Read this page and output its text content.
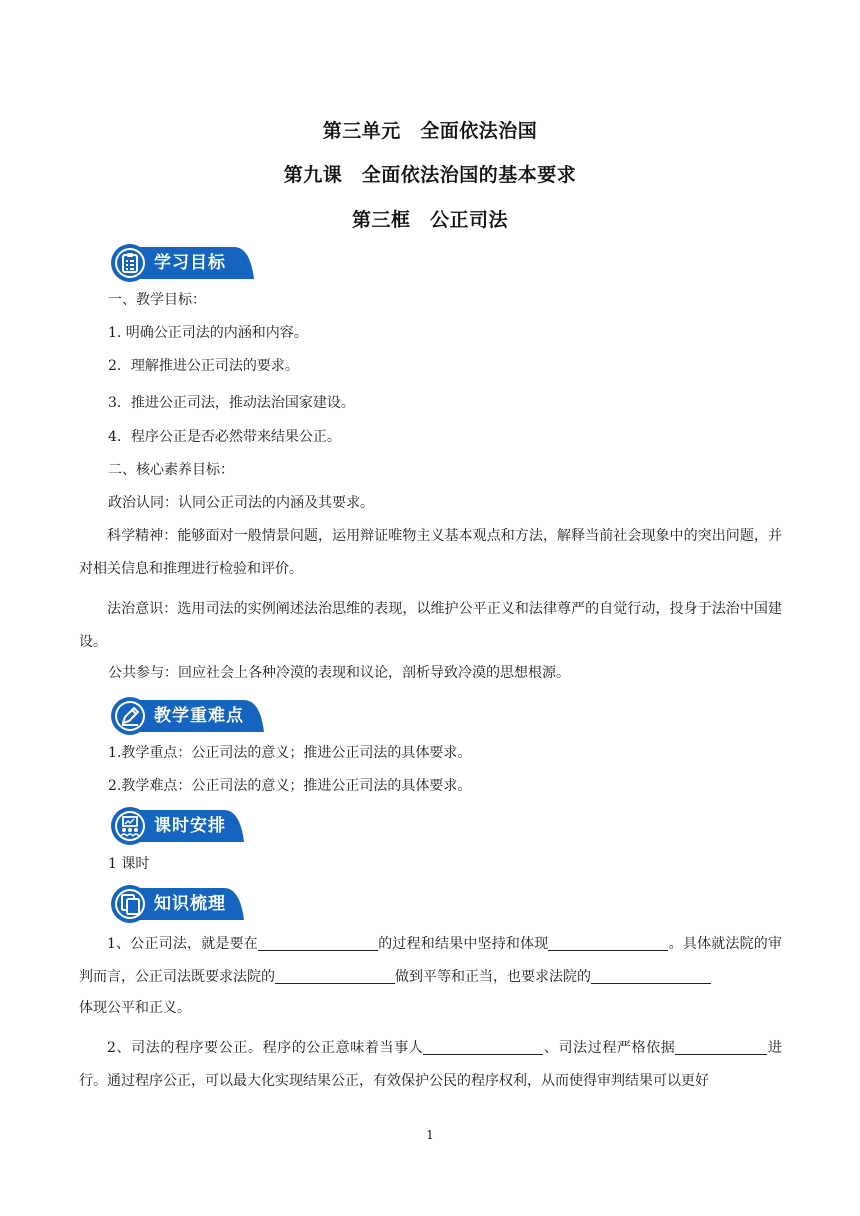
第三单元　全面依法治国
第九课　全面依法治国的基本要求
第三框　公正司法
学习目标
一、教学目标：
1. 明确公正司法的内涵和内容。
2．理解推进公正司法的要求。
3．推进公正司法，推动法治国家建设。
4．程序公正是否必然带来结果公正。
二、核心素养目标：
政治认同：认同公正司法的内涵及其要求。
科学精神：能够面对一般情景问题，运用辩证唯物主义基本观点和方法，解释当前社会现象中的突出问题，并对相关信息和推理进行检验和评价。
法治意识：选用司法的实例阐述法治思维的表现，以维护公平正义和法律尊严的自觉行动，投身于法治中国建设。
公共参与：回应社会上各种冷漠的表现和议论，剖析导致冷漠的思想根源。
教学重难点
1.教学重点：公正司法的意义；推进公正司法的具体要求。
2.教学难点：公正司法的意义；推进公正司法的具体要求。
课时安排
1 课时
知识梳理
1、公正司法，就是要在	的过程和结果中坚持和体现	。具体就法院的审判而言，公正司法既要求法院的	做到平等和正当，也要求法院的
体现公平和正义。
2、司法的程序要公正。程序的公正意味着当事人	、司法过程严格依据	进行。通过程序公正，可以最大化实现结果公正，有效保护公民的程序权利，从而使得审判结果可以更好
1
